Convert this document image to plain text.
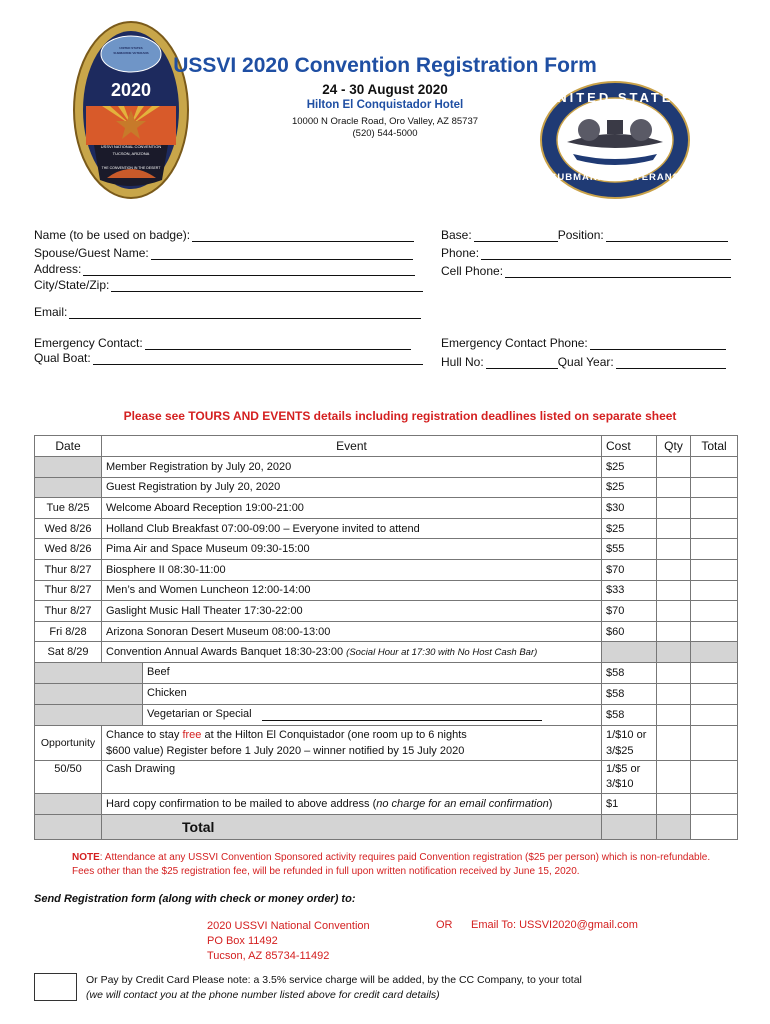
2020
USSVI NATIONAL CONVENTION
TUCSON, ARIZONA
THE CONVENTION IN THE DESERT
UNITED STATES SUBMARINE VETERANS
USSVI 2020 Convention Registration Form
24 - 30 August 2020
Hilton El Conquistador Hotel
10000 N Oracle Road, Oro Valley, AZ 85737
(520) 544-5000
UNITED STATES
SUBMARINE VETERANS
Name (to be used on badge):
Spouse/Guest Name:
Address:
City/State/Zip:
Email:
Emergency Contact:
Qual Boat:
Base:	Position:
Phone:
Cell Phone:
Emergency Contact Phone:
Hull No:	Qual Year:
Please see TOURS AND EVENTS details including registration deadlines listed on separate sheet
Date	Event	Cost	Qty	Total
	Member Registration by July 20, 2020	$25		
	Guest Registration by July 20, 2020	$25		
Tue 8/25	Welcome Aboard Reception 19:00-21:00	$30		
Wed 8/26	Holland Club Breakfast 07:00-09:00 – Everyone invited to attend	$25		
Wed 8/26	Pima Air and Space Museum 09:30-15:00	$55		
Thur 8/27	Biosphere II 08:30-11:00	$70		
Thur 8/27	Men’s and Women Luncheon 12:00-14:00	$33		
Thur 8/27	Gaslight Music Hall Theater 17:30-22:00	$70		
Fri 8/28	Arizona Sonoran Desert Museum 08:00-13:00	$60		
Sat 8/29	Convention Annual Awards Banquet 18:30-23:00 (Social Hour at 17:30 with No Host Cash Bar)			

Beef		$58		

Chicken		$58		

Vegetarian or Special		$58		
Opportunity	Chance to stay free at the Hilton El Conquistador (one room up to 6 nights
$600 value) Register before 1 July 2020 – winner notified by 15 July 2020	1/$10 or
3/$25		
50/50	Cash Drawing	1/$5 or
3/$10		
	Hard copy confirmation to be mailed to above address (no charge for an email confirmation)	$1		
	Total			
NOTE: Attendance at any USSVI Convention Sponsored activity requires paid Convention registration ($25 per person) which is non-refundable.
Fees other than the $25 registration fee, will be refunded in full upon written notification received by June 15, 2020.
Send Registration form (along with check or money order) to:
2020 USSVI National Convention
PO Box 11492
Tucson, AZ 85734-11492
OR Email To: USSVI2020@gmail.com
Or Pay by Credit Card Please note: a 3.5% service charge will be added, by the CC Company, to your total
(we will contact you at the phone number listed above for credit card details)
